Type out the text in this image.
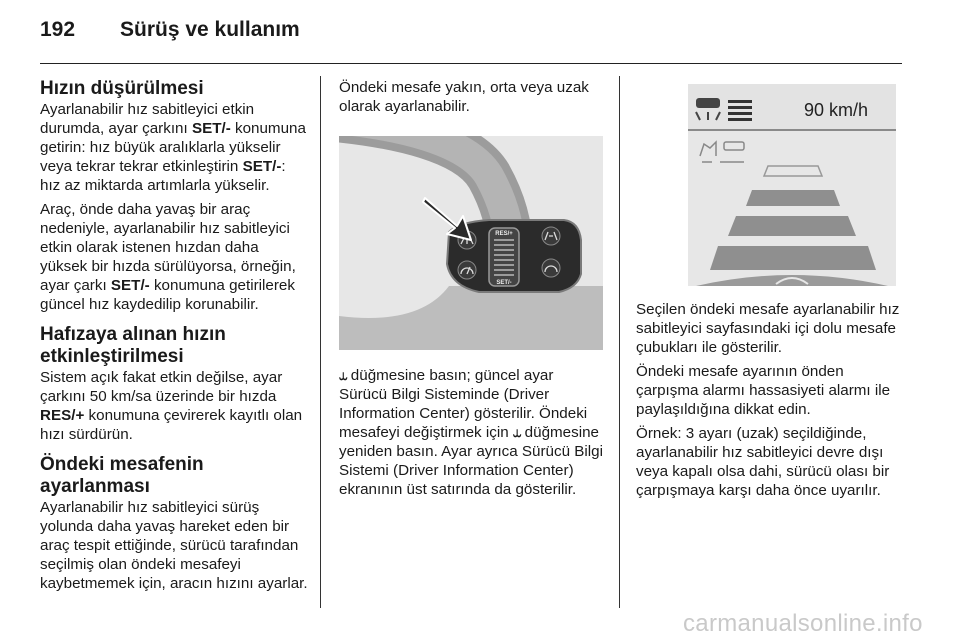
192	Sürüş ve kullanım
Hızın düşürülmesi

Ayarlanabilir hız sabitleyici etkin durumda, ayar çarkını SET/- konumuna getirin: hız büyük aralıklarla yükselir veya tekrar tekrar etkinleştirin SET/-: hız az miktarda artımlarla yükselir.

Araç, önde daha yavaş bir araç nedeniyle, ayarlanabilir hız sabitleyici etkin olarak istenen hızdan daha yüksek bir hızda sürülüyorsa, örneğin, ayar çarkı SET/- konumuna getirilerek güncel hız kaydedilip korunabilir.

Hafızaya alınan hızın etkinleştirilmesi

Sistem açık fakat etkin değilse, ayar çarkını 50 km/sa üzerinde bir hızda RES/+ konumuna çevirerek kayıtlı olan hızı sürdürün.

Öndeki mesafenin ayarlanması

Ayarlanabilir hız sabitleyici sürüş yolunda daha yavaş hareket eden bir araç tespit ettiğinde, sürücü tarafından seçilmiş olan öndeki mesafeyi kaybetmemek için, aracın hızını ayarlar.

Öndeki mesafe yakın, orta veya uzak olarak ayarlanabilir.

RES/+
SET/-

⥿ düğmesine basın; güncel ayar Sürücü Bilgi Sisteminde (Driver Information Center) gösterilir. Öndeki mesafeyi değiştirmek için ⥿ düğmesine yeniden basın. Ayar ayrıca Sürücü Bilgi Sistemi (Driver Information Center) ekranının üst satırında da gösterilir.

90 km/h

Seçilen öndeki mesafe ayarlanabilir hız sabitleyici sayfasındaki içi dolu mesafe çubukları ile gösterilir.

Öndeki mesafe ayarının önden çarpışma alarmı hassasiyeti alarmı ile paylaşıldığına dikkat edin.

Örnek: 3 ayarı (uzak) seçildiğinde, ayarlanabilir hız sabitleyici devre dışı veya kapalı olsa dahi, sürücü olası bir çarpışmaya karşı daha önce uyarılır.

carmanualsonline.info
